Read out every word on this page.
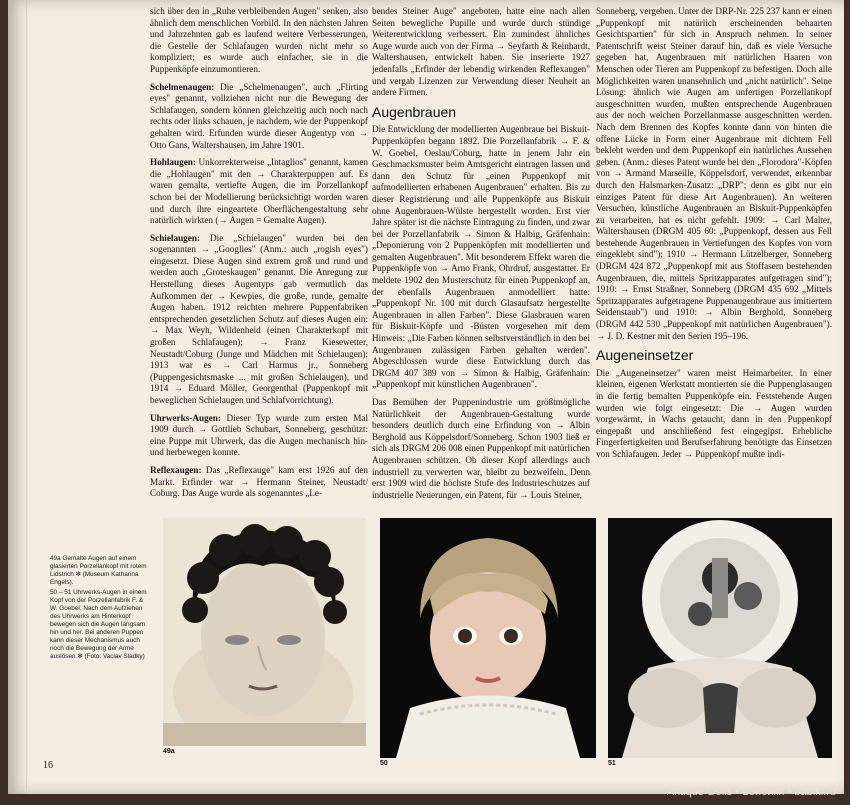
sich über den in „Ruhe verbleibenden Augen" senken, also ähnlich dem menschlichen Vorbild. In den nächsten Jahren und Jahrzehnten gab es laufend weitere Verbesserungen, die Gestelle der Schlafaugen wurden nicht mehr so kompliziert; es wurde auch einfacher, sie in die Puppenköpfe einzumontieren.

Schelmenaugen: Die „Schelmenaugen", auch „Flirting eyes" genannt, vollziehen nicht nur die Bewegung der Schlafaugen, sondern können gleichzeitig auch noch nach rechts oder links schauen, je nachdem, wie der Puppenkopf gehalten wird. Erfunden wurde dieser Augentyp von → Otto Gans, Waltershausen, im Jahre 1901.

Hohlaugen: Unkorrekterweise „Intaglios" genannt, kamen die „Hohlaugen" mit den → Charakterpuppen auf. Es waren gemalte, vertiefte Augen, die im Porzellankopf schon bei der Modellierung berücksichtigt worden waren und durch ihre eingeartete Oberflächengestaltung sehr natürlich wirkten (→ Augen = Gemalte Augen).

Schielaugen: Die „Schielaugen" wurden bei den sogenannten → „Googlies" (Anm.: auch „rogish eyes") eingesetzt. Diese Augen sind extrem groß und rund und werden auch „Groteskaugen" genannt. Die Anregung zur Herstellung dieses Augentyps gab vermutlich das Aufkommen der → Kewpies, die große, runde, gemalte Augen haben. 1912 reichten mehrere Puppenfabriken entsprechenden gesetzlichen Schutz auf dieses Augen ein: → Max Weyh, Wildenheid (einen Charakterkopf mit großen Schlafaugen); → Franz Kiesewetter, Neustadt/Coburg (Junge und Mädchen mit Schielaugen); 1913 war es → Carl Harmus jr., Sonneberg (Puppengesichtsmaske ... mit großen Schielaugen), und 1914 → Eduard Möller, Georgenthal (Puppenkopf mit beweglichen Schielaugen und Schlafvorrichtung).

Uhrwerks-Augen: Dieser Typ wurde zum ersten Mal 1909 durch → Gottlieb Schubart, Sonneberg, geschützt: eine Puppe mit Uhrwerk, das die Augen mechanisch hin- und herbewegen konnte.

Reflexaugen: Das „Reflexauge" kam erst 1926 auf den Markt. Erfinder war → Hermann Steiner, Neustadt/ Coburg. Das Auge wurde als sogenanntes „Le-

bendes Steiner Auge" angeboten, hatte eine nach allen Seiten bewegliche Pupille und wurde durch stündige Weiterentwicklung verbessert. Ein zumindest ähnliches Auge wurde auch von der Firma → Seyfarth & Reinhardt, Waltershausen, entwickelt haben. Sie inserierte 1927 jedenfalls „Erfinder der lebendig wirkenden Reflexaugen" und vergab Lizenzen zur Verwendung dieser Neuheit an andere Firmen.

Augenbrauen

Die Entwicklung der modellierten Augenbraue bei Biskuit-Puppenköpfen begann 1892. Die Porzellanfabrik → F. & W. Goebel, Oeslau/Coburg, hatte in jenem Jahr ein Geschmacksmuster beim Amtsgericht eintragen lassen und dann den Schutz für „einen Puppenkopf mit aufmodellierten erhabenen Augenbrauen" erhalten. Bis zu dieser Registrierung und alle Puppenköpfe aus Biskuit ohne Augenbrauen-Wülste hergestellt worden. Erst vier Jahre später ist die nächste Eintragung zu finden, und zwar bei der Porzellanfabrik → Simon & Halbig, Gräfenhain: „Deponierung von 2 Puppenköpfen mit modellierten und gemalten Augenbrauen". Mit besonderem Effekt waren die Puppenköpfe von → Arno Frank, Ohrdruf, ausgestattet. Er meldete 1902 den Musterschutz für einen Puppenkopf an, der ebenfalls Augenbrauen anmodelliert hatte: „Puppenkopf Nr. 100 mit durch Glasaufsatz hergestellte Augenbrauen in allen Farben". Diese Glasbrauen waren für Biskuit-Köpfe und -Büsten vorgesehen mit dem Hinweis: „Die Farben können selbstverständlich in den bei Augenbrauen zulässigen Farben gehalten werden". Abgeschlossen wurde diese Entwicklung durch das DRGM 407 389 von → Simon & Halbig, Gräfenhain: „Puppenkopf mit künstlichen Augenbrauen".

Das Bemühen der Puppenindustrie um größtmögliche Natürlichkeit der Augenbrauen-Gestaltung wurde besonders deutlich durch eine Erfindung von → Albin Berghold aus Köppelsdorf/Sonneberg. Schon 1903 ließ er sich als DRGM 206 008 einen Puppenkopf mit natürlichen Augenbrauen schützen. Ob dieser Kopf allerdings auch industriell zu verwerten war, bleibt zu bezweifeln. Denn erst 1909 wird die höchste Stufe des Industrieschutzes auf industrielle Neuerungen, ein Patent, für → Louis Steiner,

Sonneberg, vergeben. Unter der DRP-Nr. 225 237 kann er einen „Puppenkopf mit natürlich erscheinenden behaarten Gesichtspartien" für sich in Anspruch nehmen. In seiner Patentschrift weist Steiner darauf hin, daß es viele Versuche gegeben hat, Augenbrauen mit natürlichen Haaren von Menschen oder Tieren am Puppenkopf zu befestigen. Doch alle Möglichkeiten waren unansehnlich und „nicht natürlich". Seine Lösung: ähnlich wie Augen am unfertigen Porzellankopf ausgeschnitten wurden, mußten entsprechende Augenbrauen aus der noch weichen Porzellanmasse ausgeschnitten werden. Nach dem Brennen des Kopfes konnte dann von hinten die offene Lücke in Form einer Augenbraue mit dichtem Fell beklebt werden und dem Puppenkopf ein natürliches Aussehen geben. (Anm.: dieses Patent wurde bei den „Florodora"-Köpfen von → Armand Marseille, Köppelsdorf, verwendet, erkennbar durch den Halsmarken-Zusatz: „DRP"; denn es gibt nur ein einziges Patent für diese Art Augenbrauen). An weiteren Versuchen, künstliche Augenbrauen an Biskuit-Puppenköpfen zu verarbeiten, hat es nicht gefehlt. 1909: → Carl Malter, Waltershausen (DRGM 405 60: „Puppenkopf, dessen aus Fell bestehende Augenbrauen in Vertiefungen des Kopfes von vorn eingeklebt sind"); 1910 → Hermann Lützelberger, Sonneberg (DRGM 424 872 „Puppenkopf mit aus Stoffasern bestehenden Augenbrauen, die, mittels Spritzapparates aufgetragen sind"); 1910: → Ernst Straßner, Sonneberg (DRGM 435 692 „Mittels Spritzapparates aufgetragene Puppenaugenbraue aus imitiertem Seidenstaub") und 1910: → Albin Berghold, Sonneberg (DRGM 442 530 „Puppenkopf mit natürlichen Augenbrauen"). → J. D. Kestner mit den Serien 195–196.

Augeneinsetzer

Die „Augeneinsetzer" waren meist Heimarbeiter. In einer kleinen, eigenen Werkstatt montierten sie die Puppenglasaugen in die fertig bemalten Puppenköpfe ein. Feststehende Augen wurden wie folgt eingesetzt: Die → Augen wurden vorgewärmt, in Wachs getaucht, dann in den Puppenkopf eingepaßt und anschließend fest eingegipst. Erhebliche Fingerfertigkeiten und Berufserfahrung benötigte das Einsetzen von Schlafaugen. Jeder → Puppenkopf mußte indi-

49a Gemalte Augen auf einem glasierten Porzellankopf mit rotem Lidstrich ✻ (Museum Katharina Engels).
50 – 51 Uhrwerks-Augen in einem Kopf von der Porzellanfabrik F. & W. Goebel. Nach dem Aufziehen des Uhrwerks am Hinterkopf bewegen sich die Augen langsam hin und her. Bei anderen Puppen kann dieser Mechanismus auch noch die Bewegung der Arme auslösen ✻ (Foto: Vaclav Sladky)
49a
50	51
16
Antique-Dolls • Бэйбики • babiki.ru
